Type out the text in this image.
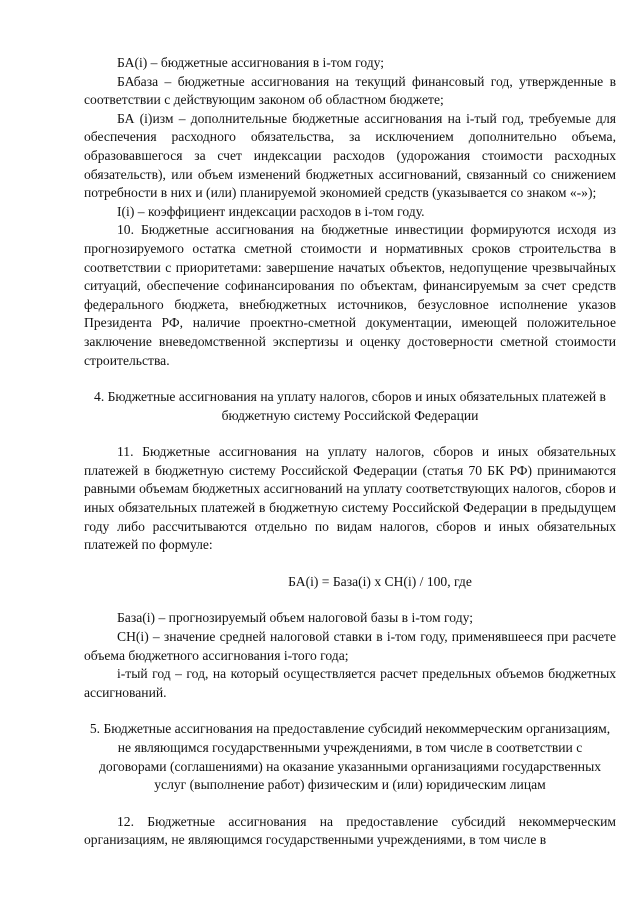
БА(i) – бюджетные ассигнования в i-том году;

БАбаза – бюджетные ассигнования на текущий финансовый год, утвержденные в соответствии с действующим законом об областном бюджете;

БА (i)изм – дополнительные бюджетные ассигнования на i-тый год, требуемые для обеспечения расходного обязательства, за исключением дополнительно объема, образовавшегося за счет индексации расходов (удорожания стоимости расходных обязательств), или объем изменений бюджетных ассигнований, связанный со снижением потребности в них и (или) планируемой экономией средств (указывается со знаком «-»);

I(i) – коэффициент индексации расходов в i-том году.

10. Бюджетные ассигнования на бюджетные инвестиции формируются исходя из прогнозируемого остатка сметной стоимости и нормативных сроков строительства в соответствии с приоритетами: завершение начатых объектов, недопущение чрезвычайных ситуаций, обеспечение софинансирования по объектам, финансируемым за счет средств федерального бюджета, внебюджетных источников, безусловное исполнение указов Президента РФ, наличие проектно-сметной документации, имеющей положительное заключение вневедомственной экспертизы и оценку достоверности сметной стоимости строительства.

4. Бюджетные ассигнования на уплату налогов, сборов и иных обязательных платежей в бюджетную систему Российской Федерации

11. Бюджетные ассигнования на уплату налогов, сборов и иных обязательных платежей в бюджетную систему Российской Федерации (статья 70 БК РФ) принимаются равными объемам бюджетных ассигнований на уплату соответствующих налогов, сборов и иных обязательных платежей в бюджетную систему Российской Федерации в предыдущем году либо рассчитываются отдельно по видам налогов, сборов и иных обязательных платежей по формуле:

БА(i) = База(i) x СН(i) / 100, где

База(i) – прогнозируемый объем налоговой базы в i-том году;

СН(i) – значение средней налоговой ставки в i-том году, применявшееся при расчете объема бюджетного ассигнования i-того года;

i-тый год – год, на который осуществляется расчет предельных объемов бюджетных ассигнований.

5. Бюджетные ассигнования на предоставление субсидий некоммерческим организациям, не являющимся государственными учреждениями, в том числе в соответствии с договорами (соглашениями) на оказание указанными организациями государственных услуг (выполнение работ) физическим и (или) юридическим лицам

12. Бюджетные ассигнования на предоставление субсидий некоммерческим организациям, не являющимся государственными учреждениями, в том числе в
